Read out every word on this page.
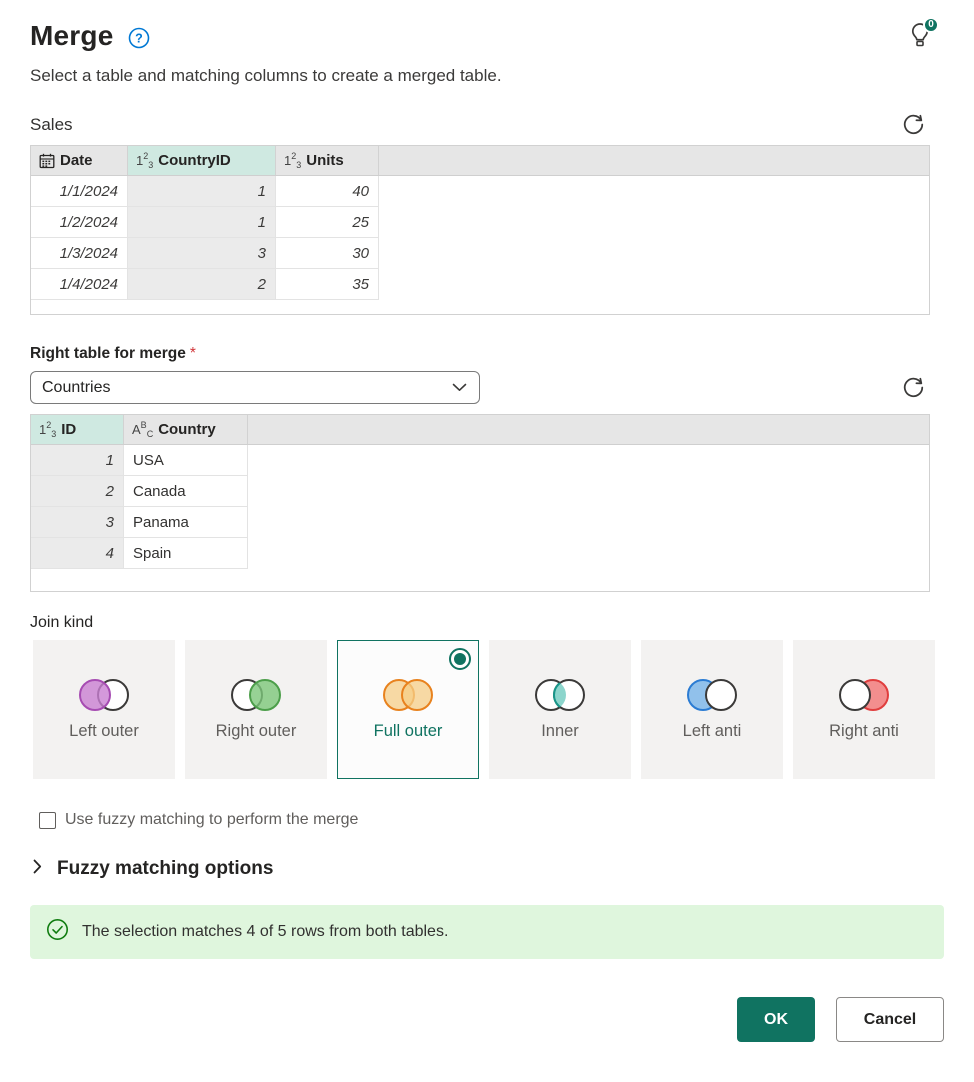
Merge ?
0

Select a table and matching columns to create a merged table.

Sales
Date	$1^2_3$ CountryID	$1^2_3$ Units
1/1/2024	1	40
1/2/2024	1	25
1/3/2024	3	30
1/4/2024	2	35
Right table for merge *
Countries
$1^2_3$ ID	$A^B_C$ Country
1	USA
2	Canada
3	Panama
4	Spain
Join kind
Left outer	Right outer	Full outer	Inner	Left anti	Right anti
Use fuzzy matching to perform the merge
Fuzzy matching options
The selection matches 4 of 5 rows from both tables.
OK	Cancel
